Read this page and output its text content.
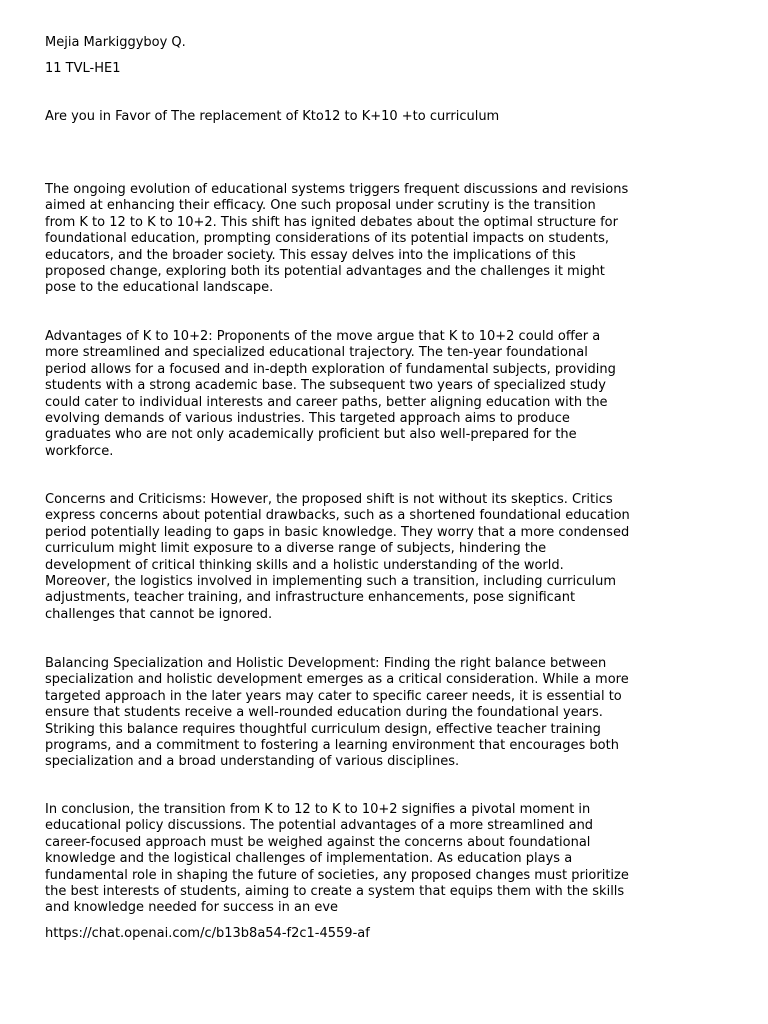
Mejia Markiggyboy Q.

11 TVL-HE1

Are you in Favor of The replacement of Kto12 to K+10 +to curriculum

The ongoing evolution of educational systems triggers frequent discussions and revisions
aimed at enhancing their efficacy. One such proposal under scrutiny is the transition
from K to 12 to K to 10+2. This shift has ignited debates about the optimal structure for
foundational education, prompting considerations of its potential impacts on students,
educators, and the broader society. This essay delves into the implications of this
proposed change, exploring both its potential advantages and the challenges it might
pose to the educational landscape.

Advantages of K to 10+2: Proponents of the move argue that K to 10+2 could offer a
more streamlined and specialized educational trajectory. The ten-year foundational
period allows for a focused and in-depth exploration of fundamental subjects, providing
students with a strong academic base. The subsequent two years of specialized study
could cater to individual interests and career paths, better aligning education with the
evolving demands of various industries. This targeted approach aims to produce
graduates who are not only academically proficient but also well-prepared for the
workforce.

Concerns and Criticisms: However, the proposed shift is not without its skeptics. Critics
express concerns about potential drawbacks, such as a shortened foundational education
period potentially leading to gaps in basic knowledge. They worry that a more condensed
curriculum might limit exposure to a diverse range of subjects, hindering the
development of critical thinking skills and a holistic understanding of the world.
Moreover, the logistics involved in implementing such a transition, including curriculum
adjustments, teacher training, and infrastructure enhancements, pose significant
challenges that cannot be ignored.

Balancing Specialization and Holistic Development: Finding the right balance between
specialization and holistic development emerges as a critical consideration. While a more
targeted approach in the later years may cater to specific career needs, it is essential to
ensure that students receive a well-rounded education during the foundational years.
Striking this balance requires thoughtful curriculum design, effective teacher training
programs, and a commitment to fostering a learning environment that encourages both
specialization and a broad understanding of various disciplines.

In conclusion, the transition from K to 12 to K to 10+2 signifies a pivotal moment in
educational policy discussions. The potential advantages of a more streamlined and
career-focused approach must be weighed against the concerns about foundational
knowledge and the logistical challenges of implementation. As education plays a
fundamental role in shaping the future of societies, any proposed changes must prioritize
the best interests of students, aiming to create a system that equips them with the skills
and knowledge needed for success in an eve

https://chat.openai.com/c/b13b8a54-f2c1-4559-af
